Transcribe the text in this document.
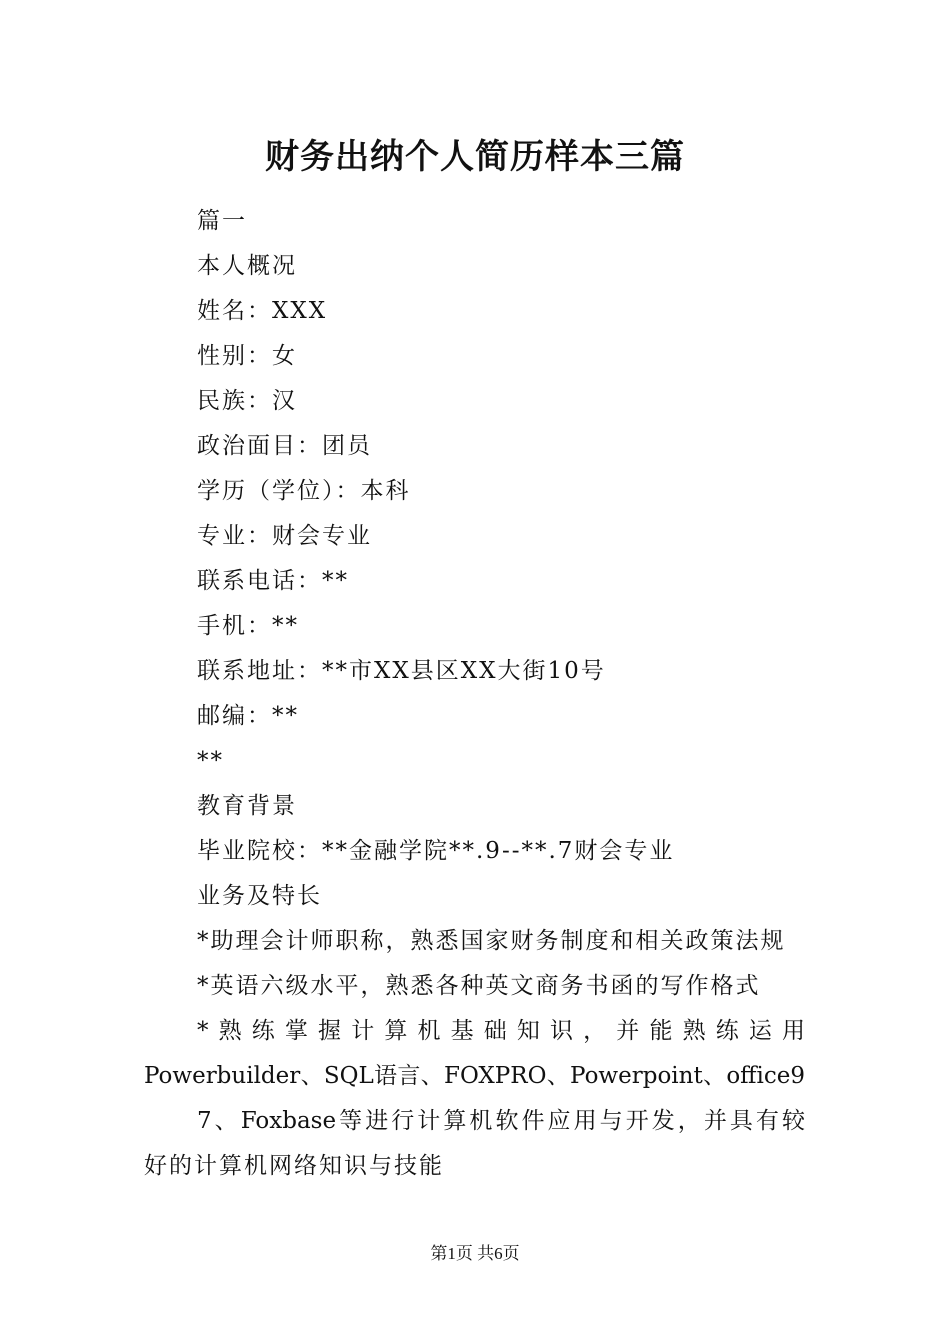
财务出纳个人简历样本三篇
篇一
本人概况
姓名：XXX
性别：女
民族：汉
政治面目：团员
学历（学位）：本科
专业：财会专业
联系电话：**
手机：**
联系地址：**市XX县区XX大街10号
邮编：**
**
教育背景
毕业院校：**金融学院**.9--**.7财会专业
业务及特长
*助理会计师职称，熟悉国家财务制度和相关政策法规
*英语六级水平，熟悉各种英文商务书函的写作格式
*熟练掌握计算机基础知识，并能熟练运用
Powerbuilder、SQL语言、FOXPRO、Powerpoint、office9
7、Foxbase等进行计算机软件应用与开发，并具有较
好的计算机网络知识与技能
第1页 共6页
